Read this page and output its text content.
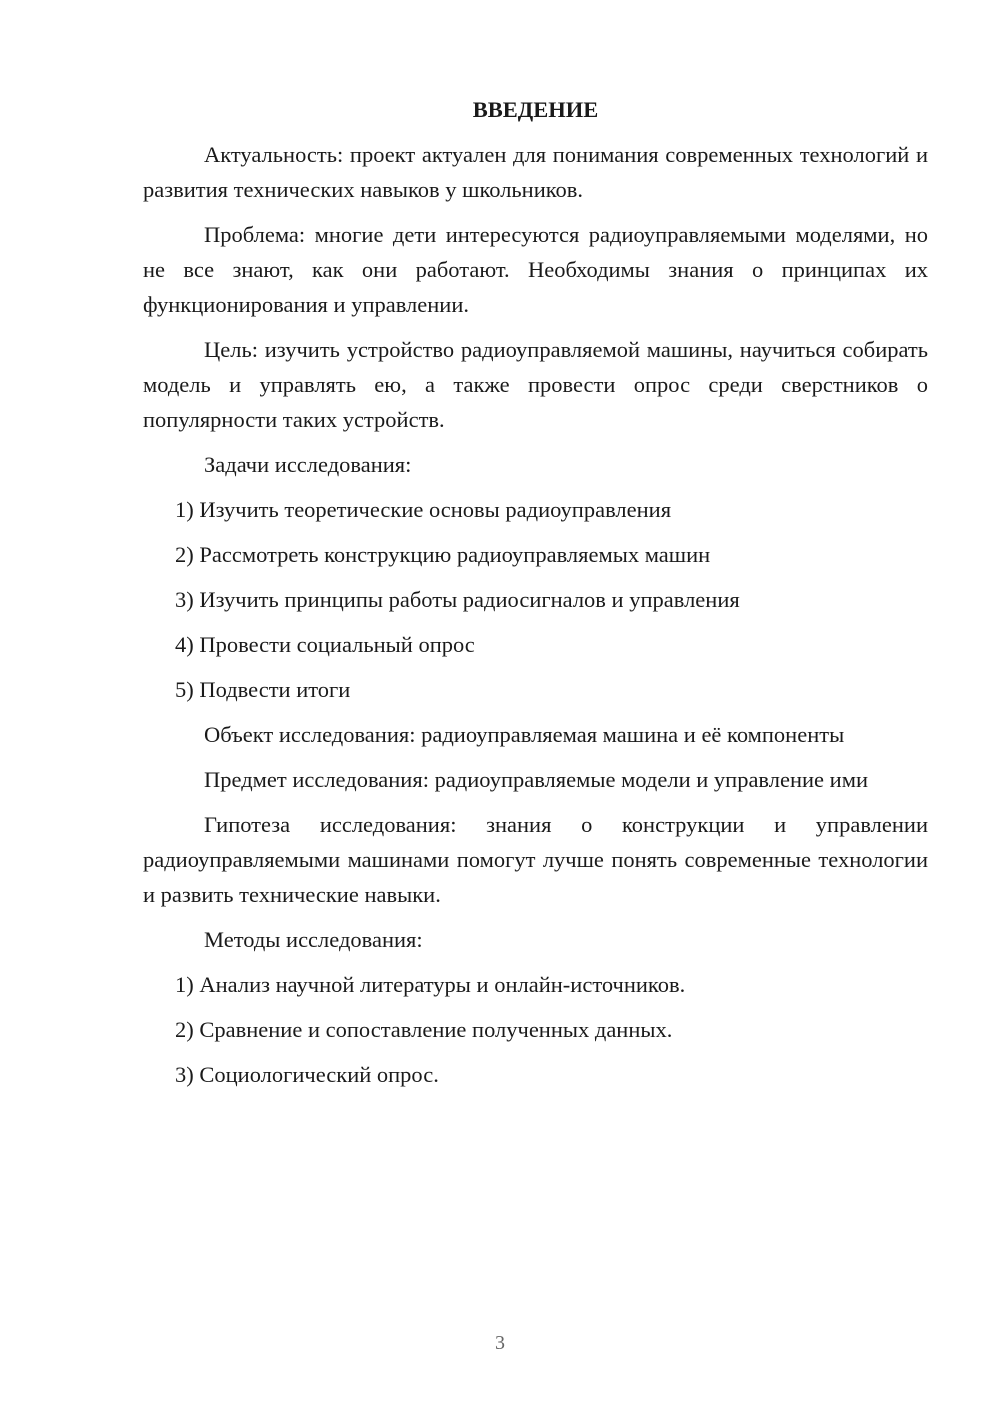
ВВЕДЕНИЕ

Актуальность: проект актуален для понимания современных технологий и развития технических навыков у школьников.

Проблема: многие дети интересуются радиоуправляемыми моделями, но не все знают, как они работают. Необходимы знания о принципах их функционирования и управлении.

Цель: изучить устройство радиоуправляемой машины, научиться собирать модель и управлять ею, а также провести опрос среди сверстников о популярности таких устройств.

Задачи исследования:

1) Изучить теоретические основы радиоуправления

2) Рассмотреть конструкцию радиоуправляемых машин

3) Изучить принципы работы радиосигналов и управления

4) Провести социальный опрос

5) Подвести итоги

Объект исследования: радиоуправляемая машина и её компоненты

Предмет исследования: радиоуправляемые модели и управление ими

Гипотеза исследования: знания о конструкции и управлении радиоуправляемыми машинами помогут лучше понять современные технологии и развить технические навыки.

Методы исследования:

1) Анализ научной литературы и онлайн-источников.

2) Сравнение и сопоставление полученных данных.

3) Социологический опрос.

3
